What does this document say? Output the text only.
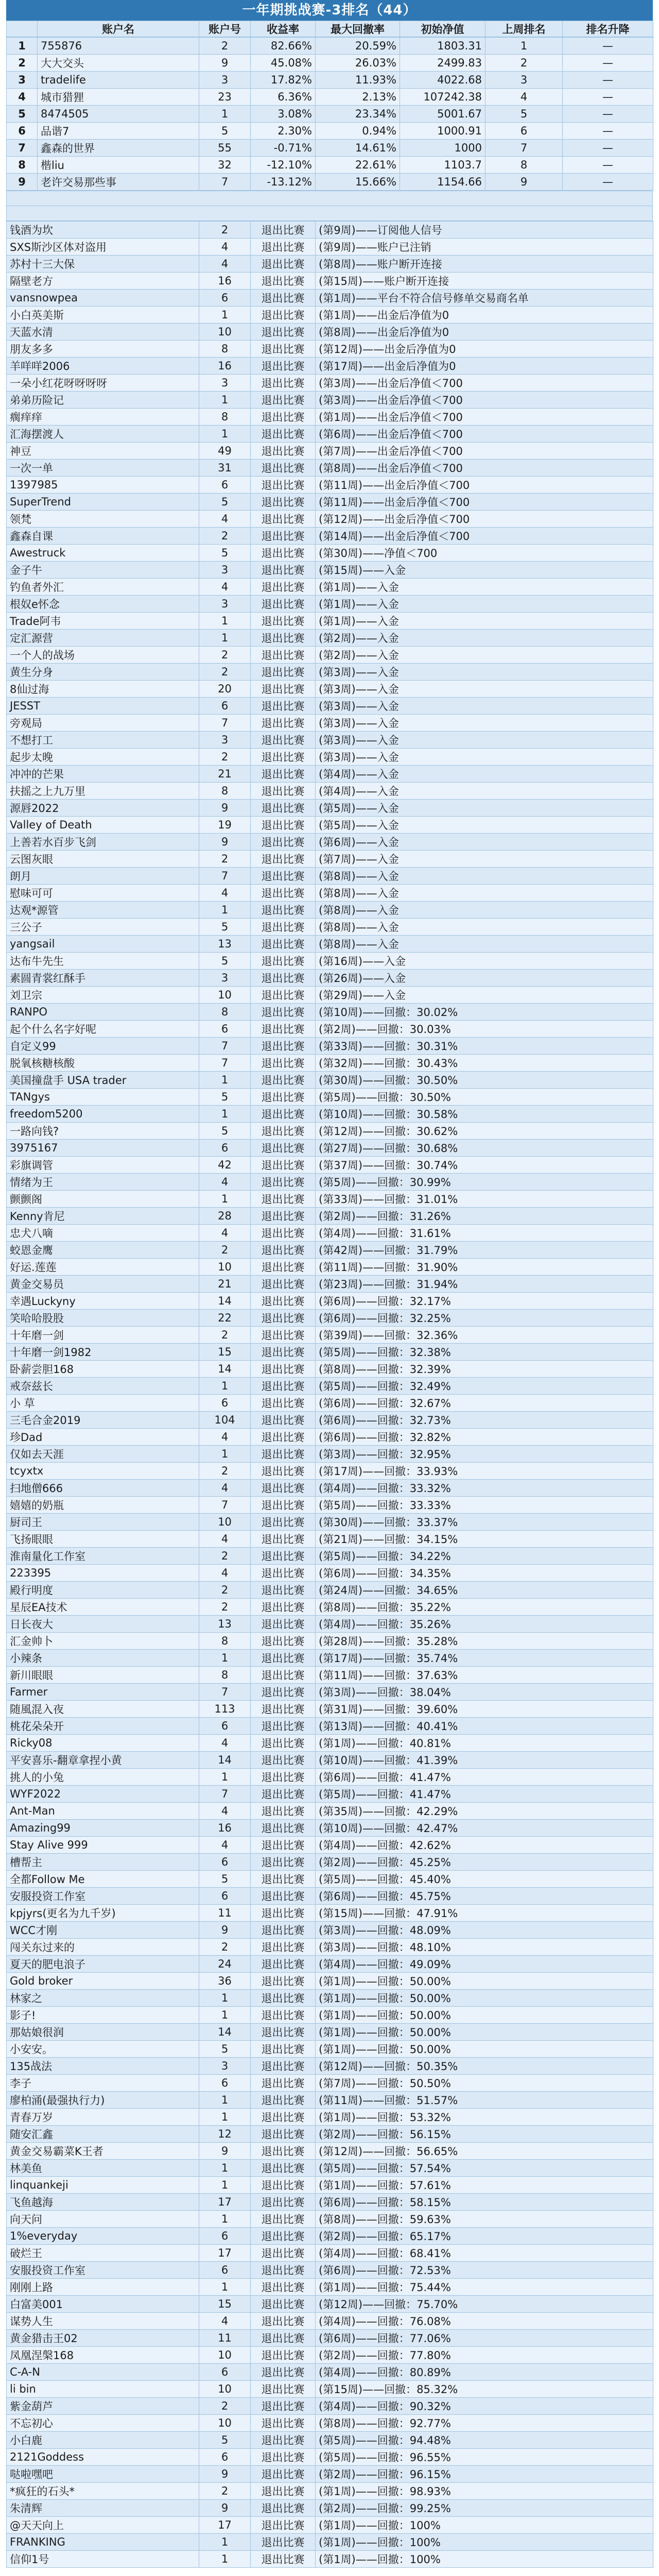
一年期挑战赛-3排名（44）
	账户名	账户号	收益率	最大回撤率	初始净值	上周排名	排名升降
1	755876	2	82.66%	20.59%	1803.31	1	—
2	大大交头	9	45.08%	26.03%	2499.83	2	—
3	tradelife	3	17.82%	11.93%	4022.68	3	—
4	城市猎狸	23	6.36%	2.13%	107242.38	4	—
5	8474505	1	3.08%	23.34%	5001.67	5	—
6	品谐7	5	2.30%	0.94%	1000.91	6	—
7	鑫森的世界	55	-0.71%	14.61%	1000	7	—
8	楷liu	32	-12.10%	22.61%	1103.7	8	—
9	老许交易那些事	7	-13.12%	15.66%	1154.66	9	—

钱酒为坎	2	退出比赛	(第9周)——订阅他人信号
SXS斯沙区体对盗用	4	退出比赛	(第9周)——账户已注销
苏村十三大保	4	退出比赛	(第8周)——账户断开连接
隔壁老方	16	退出比赛	(第15周)——账户断开连接
vansnowpea	6	退出比赛	(第1周)——平台不符合信号修单交易商名单
小白英美斯	1	退出比赛	(第1周)——出金后净值为0
天蓝水清	10	退出比赛	(第8周)——出金后净值为0
朋友多多	8	退出比赛	(第12周)——出金后净值为0
羊咩咩2006	16	退出比赛	(第17周)——出金后净值为0
一朵小红花呀呀呀呀	3	退出比赛	(第3周)——出金后净值＜700
弟弟历险记	1	退出比赛	(第3周)——出金后净值＜700
瘸痒痒	8	退出比赛	(第1周)——出金后净值＜700
汇海摆渡人	1	退出比赛	(第6周)——出金后净值＜700
神豆	49	退出比赛	(第7周)——出金后净值＜700
一次一单	31	退出比赛	(第8周)——出金后净值＜700
1397985	6	退出比赛	(第11周)——出金后净值＜700
SuperTrend	5	退出比赛	(第11周)——出金后净值＜700
领梵	4	退出比赛	(第12周)——出金后净值＜700
鑫森自课	2	退出比赛	(第14周)——出金后净值＜700
Awestruck	5	退出比赛	(第30周)——净值＜700
金子牛	3	退出比赛	(第15周)——入金
钓鱼者外汇	4	退出比赛	(第1周)——入金
根奴e怀念	3	退出比赛	(第1周)——入金
Trade阿韦	1	退出比赛	(第1周)——入金
定汇源营	1	退出比赛	(第2周)——入金
一个人的战场	2	退出比赛	(第2周)——入金
黄生分身	2	退出比赛	(第3周)——入金
8仙过海	20	退出比赛	(第3周)——入金
JESST	6	退出比赛	(第3周)——入金
旁观局	7	退出比赛	(第3周)——入金
不想打工	3	退出比赛	(第3周)——入金
起步太晚	2	退出比赛	(第3周)——入金
冲冲的芒果	21	退出比赛	(第4周)——入金
扶摇之上九万里	8	退出比赛	(第4周)——入金
源唇2022	9	退出比赛	(第5周)——入金
Valley of Death	19	退出比赛	(第5周)——入金
上善若水百步飞剑	9	退出比赛	(第6周)——入金
云图灰眼	2	退出比赛	(第7周)——入金
朗月	7	退出比赛	(第8周)——入金
慰味可可	4	退出比赛	(第8周)——入金
达观*源管	1	退出比赛	(第8周)——入金
三公子	5	退出比赛	(第8周)——入金
yangsail	13	退出比赛	(第8周)——入金
达布牛先生	5	退出比赛	(第16周)——入金
素圆青裳红酥手	3	退出比赛	(第26周)——入金
刘卫宗	10	退出比赛	(第29周)——入金
RANPO	8	退出比赛	(第10周)——回撤：30.02%
起个什么名字好呢	6	退出比赛	(第2周)——回撤：30.03%
自定义99	7	退出比赛	(第33周)——回撤：30.31%
脱氧核糖核酸	7	退出比赛	(第32周)——回撤：30.43%
美国撞盘手 USA trader	1	退出比赛	(第30周)——回撤：30.50%
TANgys	5	退出比赛	(第5周)——回撤：30.50%
freedom5200	1	退出比赛	(第10周)——回撤：30.58%
一路向钱?	5	退出比赛	(第12周)——回撤：30.62%
3975167	6	退出比赛	(第27周)——回撤：30.68%
彩旗调管	42	退出比赛	(第37周)——回撤：30.74%
情绪为王	4	退出比赛	(第5周)——回撤：30.99%
颤颤阁	1	退出比赛	(第33周)——回撤：31.01%
Kenny肯尼	28	退出比赛	(第2周)——回撤：31.26%
忠犬八嘀	4	退出比赛	(第4周)——回撤：31.61%
蛟恩金鹰	2	退出比赛	(第42周)——回撤：31.79%
好运.莲莲	10	退出比赛	(第11周)——回撤：31.90%
黄金交易员	21	退出比赛	(第23周)——回撤：31.94%
幸遇Luckyny	14	退出比赛	(第6周)——回撤：32.17%
笑哈哈股股	22	退出比赛	(第6周)——回撤：32.25%
十年磨一剑	2	退出比赛	(第39周)——回撤：32.36%
十年磨一剑1982	15	退出比赛	(第5周)——回撤：32.38%
卧薪尝胆168	14	退出比赛	(第8周)——回撤：32.39%
戒奈兹长	1	退出比赛	(第5周)——回撤：32.49%
小 草	6	退出比赛	(第6周)——回撤：32.67%
三毛合金2019	104	退出比赛	(第6周)——回撤：32.73%
珍Dad	4	退出比赛	(第6周)——回撤：32.82%
仅如去天涯	1	退出比赛	(第3周)——回撤：32.95%
tcyxtx	2	退出比赛	(第17周)——回撤：33.93%
扫地僧666	4	退出比赛	(第4周)——回撤：33.32%
嬉嬉的奶瓶	7	退出比赛	(第5周)——回撤：33.33%
厨司王	10	退出比赛	(第30周)——回撤：33.37%
飞扬眼眼	4	退出比赛	(第21周)——回撤：34.15%
淮南量化工作室	2	退出比赛	(第5周)——回撤：34.22%
223395	4	退出比赛	(第6周)——回撤：34.35%
殿行明度	2	退出比赛	(第24周)——回撤：34.65%
星辰EA技术	2	退出比赛	(第8周)——回撤：35.22%
日长夜大	13	退出比赛	(第4周)——回撤：35.26%
汇金帅卜	8	退出比赛	(第28周)——回撤：35.28%
小辣条	1	退出比赛	(第17周)——回撤：35.74%
新川眼眼	8	退出比赛	(第11周)——回撤：37.63%
Farmer	7	退出比赛	(第3周)——回撤：38.04%
随風混入夜	113	退出比赛	(第31周)——回撤：39.60%
桃花朵朵开	6	退出比赛	(第13周)——回撤：40.41%
Ricky08	4	退出比赛	(第1周)——回撤：40.81%
平安喜乐-翻章拿捏小黄	14	退出比赛	(第10周)——回撤：41.39%
挑人的小兔	1	退出比赛	(第6周)——回撤：41.47%
WYF2022	7	退出比赛	(第5周)——回撤：41.47%
Ant-Man	4	退出比赛	(第35周)——回撤：42.29%
Amazing99	16	退出比赛	(第10周)——回撤：42.47%
Stay Alive 999	4	退出比赛	(第4周)——回撤：42.62%
槽帮主	6	退出比赛	(第2周)——回撤：45.25%
全都Follow Me	5	退出比赛	(第5周)——回撤：45.40%
安服投资工作室	6	退出比赛	(第6周)——回撤：45.75%
kpjyrs(更名为九千岁)	11	退出比赛	(第15周)——回撤：47.91%
WCC才刚	9	退出比赛	(第3周)——回撤：48.09%
闯关东过来的	2	退出比赛	(第3周)——回撤：48.10%
夏天的肥电浪子	24	退出比赛	(第4周)——回撤：49.09%
Gold broker	36	退出比赛	(第1周)——回撤：50.00%
林家之	1	退出比赛	(第1周)——回撤：50.00%
影子!	1	退出比赛	(第1周)——回撤：50.00%
那姑娘很润	14	退出比赛	(第1周)——回撤：50.00%
小安安。	5	退出比赛	(第1周)——回撤：50.00%
135战法	3	退出比赛	(第12周)——回撤：50.35%
李子	6	退出比赛	(第7周)——回撤：50.50%
廖柏涌(最强执行力)	1	退出比赛	(第11周)——回撤：51.57%
青春万岁	1	退出比赛	(第1周)——回撤：53.32%
随安汇鑫	12	退出比赛	(第2周)——回撤：56.15%
黄金交易霸菜K王者	9	退出比赛	(第12周)——回撤：56.65%
林美鱼	1	退出比赛	(第5周)——回撤：57.54%
linquankeji	1	退出比赛	(第1周)——回撤：57.61%
飞鱼越海	17	退出比赛	(第6周)——回撤：58.15%
向天问	1	退出比赛	(第8周)——回撤：59.63%
1%everyday	6	退出比赛	(第2周)——回撤：65.17%
破烂王	17	退出比赛	(第4周)——回撤：68.41%
安服投资工作室	6	退出比赛	(第6周)——回撤：72.53%
刚刚上路	1	退出比赛	(第1周)——回撤：75.44%
白富美001	15	退出比赛	(第12周)——回撤：75.70%
谋势人生	4	退出比赛	(第4周)——回撤：76.08%
黄金猎击王02	11	退出比赛	(第6周)——回撤：77.06%
凤凰涅槃168	10	退出比赛	(第2周)——回撤：77.80%
C-A-N	6	退出比赛	(第4周)——回撤：80.89%
li bin	10	退出比赛	(第15周)——回撤：85.32%
紫金葫芦	2	退出比赛	(第4周)——回撤：90.32%
不忘初心	10	退出比赛	(第8周)——回撤：92.77%
小白鹿	5	退出比赛	(第5周)——回撤：94.48%
2121Goddess	6	退出比赛	(第5周)——回撤：96.55%
哒啦嘿吧	9	退出比赛	(第2周)——回撤：96.15%
*疯狂的石头*	2	退出比赛	(第1周)——回撤：98.93%
朱清辉	9	退出比赛	(第2周)——回撤：99.25%
@天天向上	17	退出比赛	(第1周)——回撤：100%
FRANKING	1	退出比赛	(第1周)——回撤：100%
信仰1号	1	退出比赛	(第1周)——回撤：100%
